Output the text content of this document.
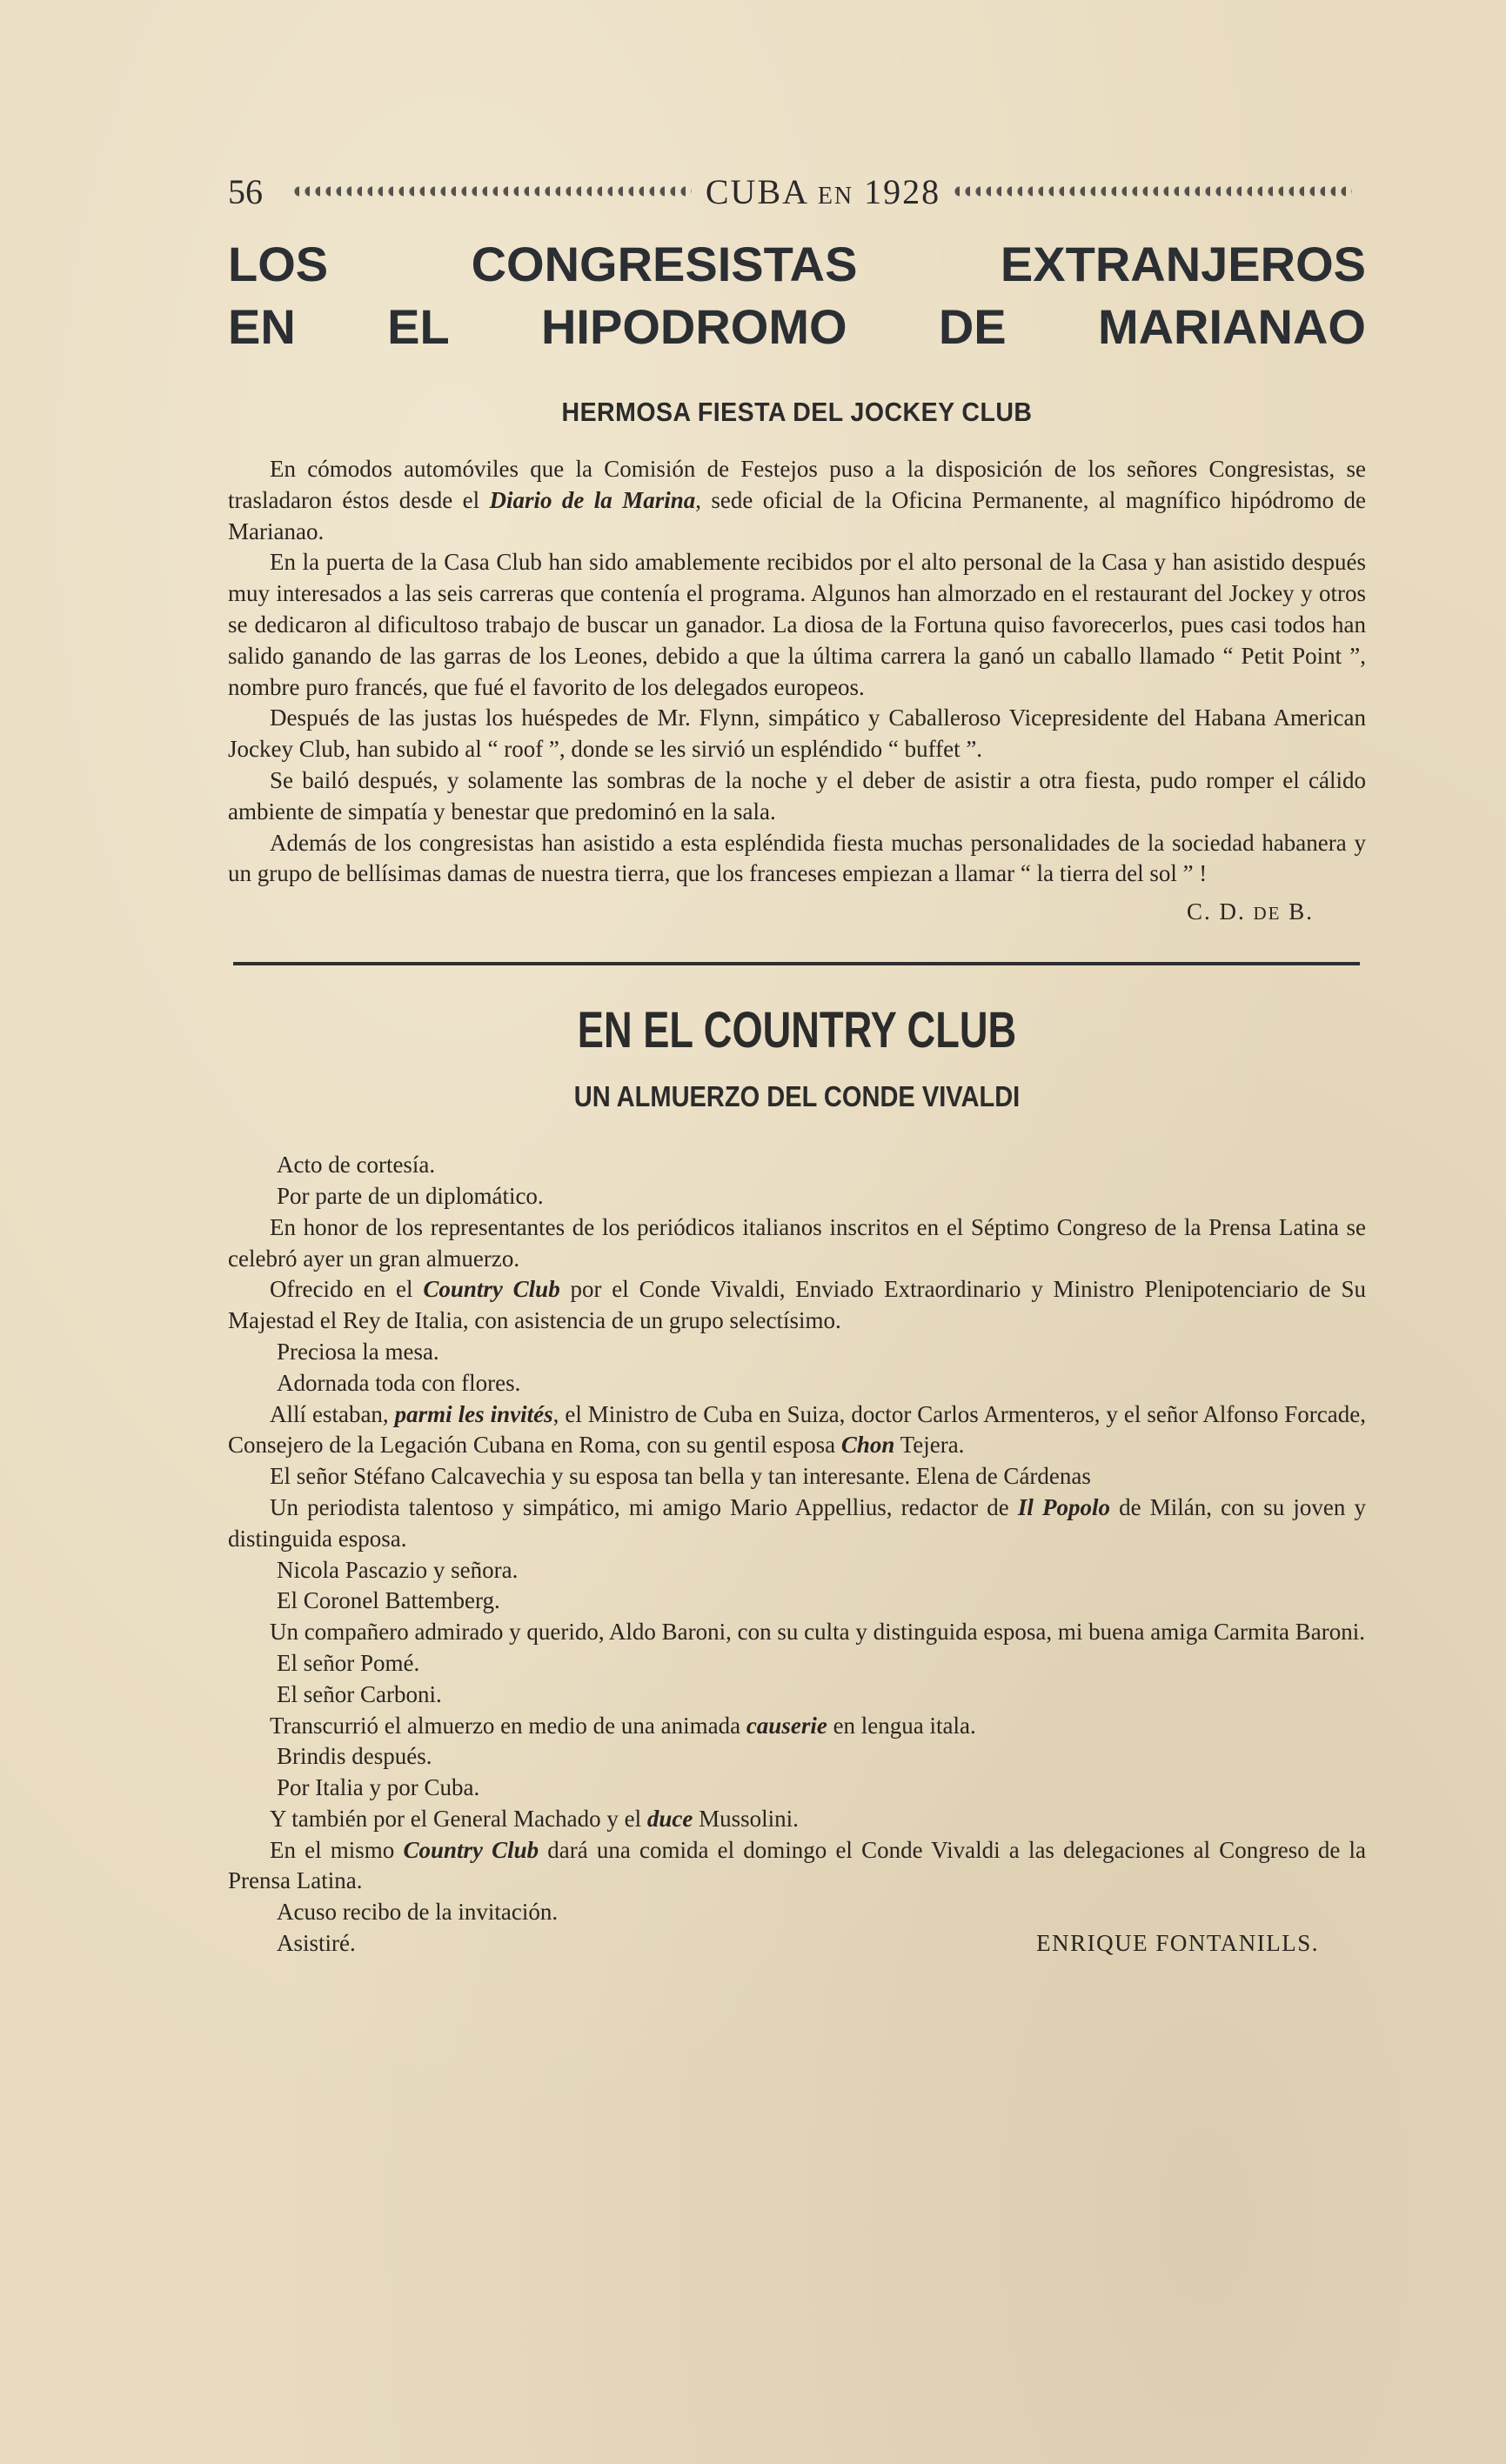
56	CUBA EN 1928
LOS	CONGRESISTAS	EXTRANJEROS
EN EL HIPODROMO DE MARIANAO
HERMOSA FIESTA DEL JOCKEY CLUB

En cómodos automóviles que la Comisión de Festejos puso a la disposición de los señores Congresistas, se trasladaron éstos desde el Diario de la Marina, sede oficial de la Oficina Permanente, al magnífico hipódromo de Marianao.

En la puerta de la Casa Club han sido amablemente recibidos por el alto personal de la Casa y han asistido después muy interesados a las seis carreras que contenía el programa. Algunos han almorzado en el restaurant del Jockey y otros se dedicaron al dificultoso trabajo de buscar un ganador. La diosa de la Fortuna quiso favorecerlos, pues casi todos han salido ganando de las garras de los Leones, debido a que la última carrera la ganó un caballo llamado “ Petit Point ”, nombre puro francés, que fué el favorito de los delegados europeos.

Después de las justas los huéspedes de Mr. Flynn, simpático y Caballeroso Vicepresidente del Habana American Jockey Club, han subido al “ roof ”, donde se les sirvió un espléndido “ buffet ”.

Se bailó después, y solamente las sombras de la noche y el deber de asistir a otra fiesta, pudo romper el cálido ambiente de simpatía y benestar que predominó en la sala.

Además de los congresistas han asistido a esta espléndida fiesta muchas personalidades de la sociedad habanera y un grupo de bellísimas damas de nuestra tierra, que los franceses empiezan a llamar “ la tierra del sol ” !

C. D. DE B.
EN EL COUNTRY CLUB
UN ALMUERZO DEL CONDE VIVALDI

Acto de cortesía.

Por parte de un diplomático.

En honor de los representantes de los periódicos italianos inscritos en el Séptimo Congreso de la Prensa Latina se celebró ayer un gran almuerzo.

Ofrecido en el Country Club por el Conde Vivaldi, Enviado Extraordinario y Ministro Plenipotenciario de Su Majestad el Rey de Italia, con asistencia de un grupo selectísimo.

Preciosa la mesa.

Adornada toda con flores.

Allí estaban, parmi les invités, el Ministro de Cuba en Suiza, doctor Carlos Armenteros, y el señor Alfonso Forcade, Consejero de la Legación Cubana en Roma, con su gentil esposa Chon Tejera.

El señor Stéfano Calcavechia y su esposa tan bella y tan interesante. Elena de Cárdenas

Un periodista talentoso y simpático, mi amigo Mario Appellius, redactor de Il Popolo de Milán, con su joven y distinguida esposa.

Nicola Pascazio y señora.

El Coronel Battemberg.

Un compañero admirado y querido, Aldo Baroni, con su culta y distinguida esposa, mi buena amiga Carmita Baroni.

El señor Pomé.

El señor Carboni.

Transcurrió el almuerzo en medio de una animada causerie en lengua itala.

Brindis después.

Por Italia y por Cuba.

Y también por el General Machado y el duce Mussolini.

En el mismo Country Club dará una comida el domingo el Conde Vivaldi a las delegaciones al Congreso de la Prensa Latina.

Acuso recibo de la invitación.

Asistiré.	ENRIQUE FONTANILLS.
